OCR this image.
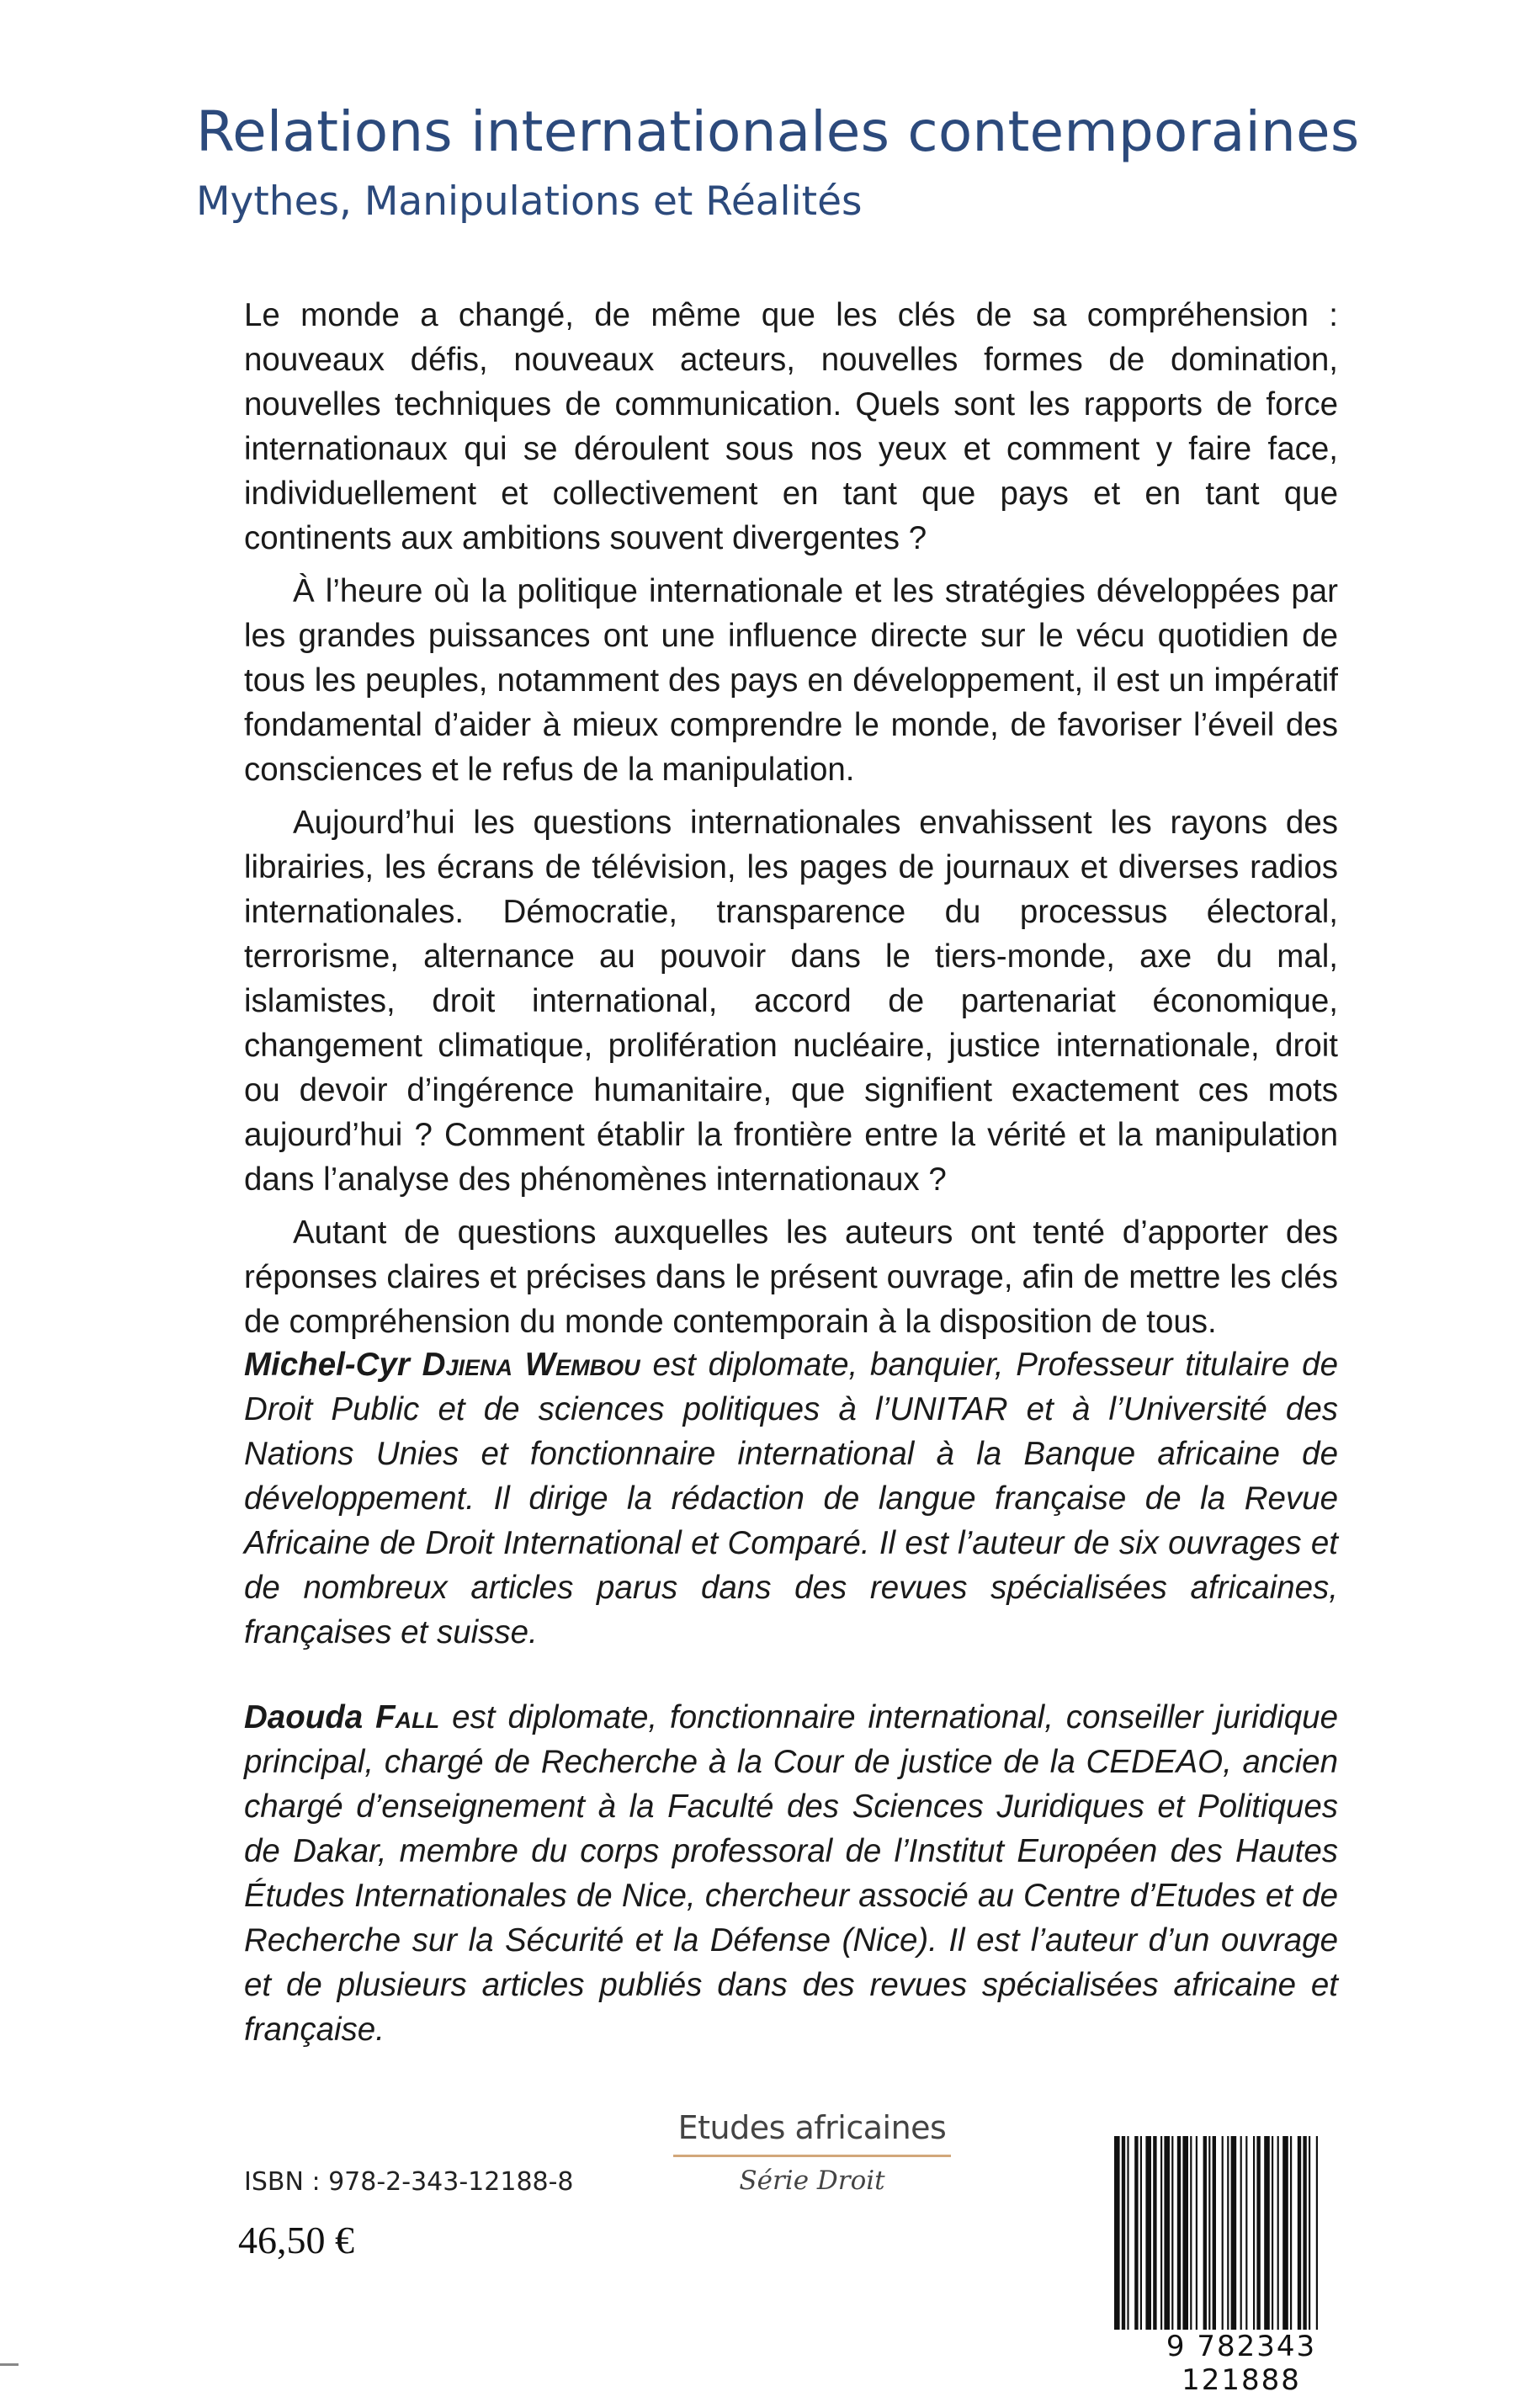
Relations internationales contemporaines
Mythes, Manipulations et Réalités

Le monde a changé, de même que les clés de sa compréhension : nouveaux défis, nouveaux acteurs, nouvelles formes de domination, nouvelles techniques de communication. Quels sont les rapports de force internationaux qui se déroulent sous nos yeux et comment y faire face, individuellement et collectivement en tant que pays et en tant que continents aux ambitions souvent divergentes ?

À l’heure où la politique internationale et les stratégies développées par les grandes puissances ont une influence directe sur le vécu quotidien de tous les peuples, notamment des pays en développement, il est un impératif fondamental d’aider à mieux comprendre le monde, de favoriser l’éveil des consciences et le refus de la manipulation.

Aujourd’hui les questions internationales envahissent les rayons des librairies, les écrans de télévision, les pages de journaux et diverses radios internationales. Démocratie, transparence du processus électoral, terrorisme, alternance au pouvoir dans le tiers-monde, axe du mal, islamistes, droit international, accord de partenariat économique, changement climatique, prolifération nucléaire, justice internationale, droit ou devoir d’ingérence humanitaire, que signifient exactement ces mots aujourd’hui ? Comment établir la frontière entre la vérité et la manipulation dans l’analyse des phénomènes internationaux ?

Autant de questions auxquelles les auteurs ont tenté d’apporter des réponses claires et précises dans le présent ouvrage, afin de mettre les clés de compréhension du monde contemporain à la disposition de tous.

Michel-Cyr Djiena Wembou est diplomate, banquier, Professeur titulaire de Droit Public et de sciences politiques à l’UNITAR et à l’Université des Nations Unies et fonctionnaire international à la Banque africaine de développement. Il dirige la rédaction de langue française de la Revue Africaine de Droit International et Comparé. Il est l’auteur de six ouvrages et de nombreux articles parus dans des revues spécialisées africaines, françaises et suisse.

Daouda Fall est diplomate, fonctionnaire international, conseiller juridique principal, chargé de Recherche à la Cour de justice de la CEDEAO, ancien chargé d’enseignement à la Faculté des Sciences Juridiques et Politiques de Dakar, membre du corps professoral de l’Institut Européen des Hautes Études Internationales de Nice, chercheur associé au Centre d’Etudes et de Recherche sur la Sécurité et la Défense (Nice). Il est l’auteur d’un ouvrage et de plusieurs articles publiés dans des revues spécialisées africaine et française.

Etudes africaines
Série Droit
ISBN : 978-2-343-12188-8
46,50 €
9 782343 121888
